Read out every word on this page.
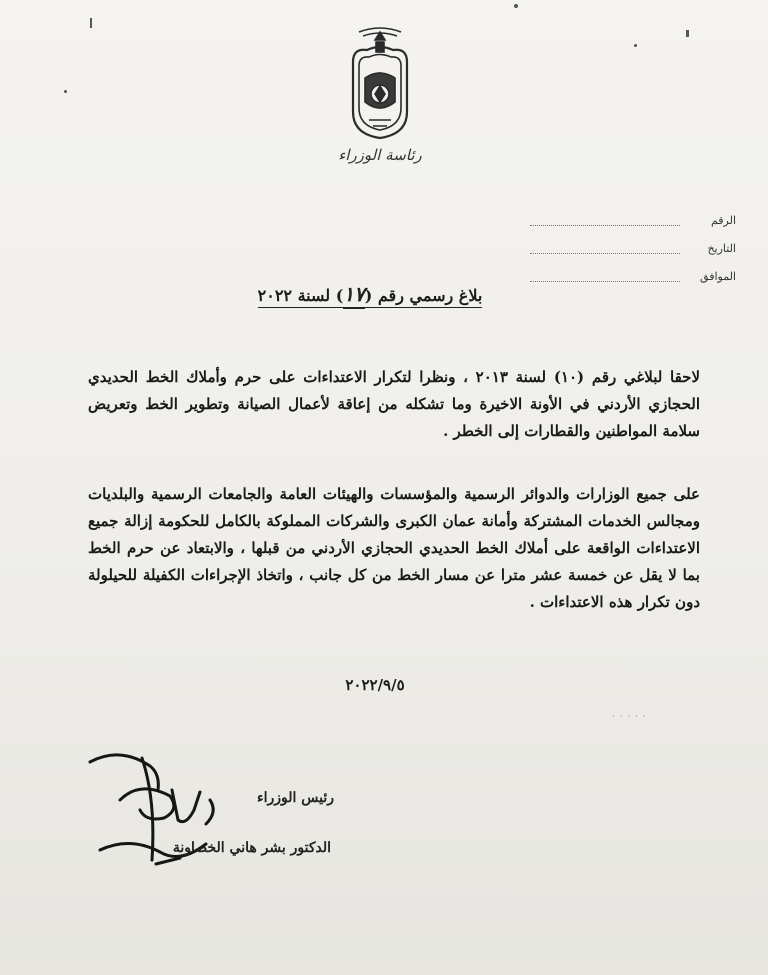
رئاسة الوزراء
الرقم
التاريخ
الموافق
بلاغ رسمي رقم (١٧) لسنة ٢٠٢٢
لاحقا لبلاغي رقم (١٠) لسنة ٢٠١٣ ، ونظرا لتكرار الاعتداءات على حرم وأملاك الخط الحديدي الحجازي الأردني في الأونة الاخيرة وما تشكله من إعاقة لأعمال الصيانة وتطوير الخط وتعريض سلامة المواطنين والقطارات إلى الخطر .
على جميع الوزارات والدوائر الرسمية والمؤسسات والهيئات العامة والجامعات الرسمية والبلديات ومجالس الخدمات المشتركة وأمانة عمان الكبرى والشركات المملوكة بالكامل للحكومة إزالة جميع الاعتداءات الواقعة على أملاك الخط الحديدي الحجازي الأردني من قبلها ، والابتعاد عن حرم الخط بما لا يقل عن خمسة عشر مترا عن مسار الخط من كل جانب ، واتخاذ الإجراءات الكفيلة للحيلولة دون تكرار هذه الاعتداءات .
٢٠٢٢/٩/٥
· · · · ·
رئيس الوزراء
الدكتور بشر هاني الخصاونة
